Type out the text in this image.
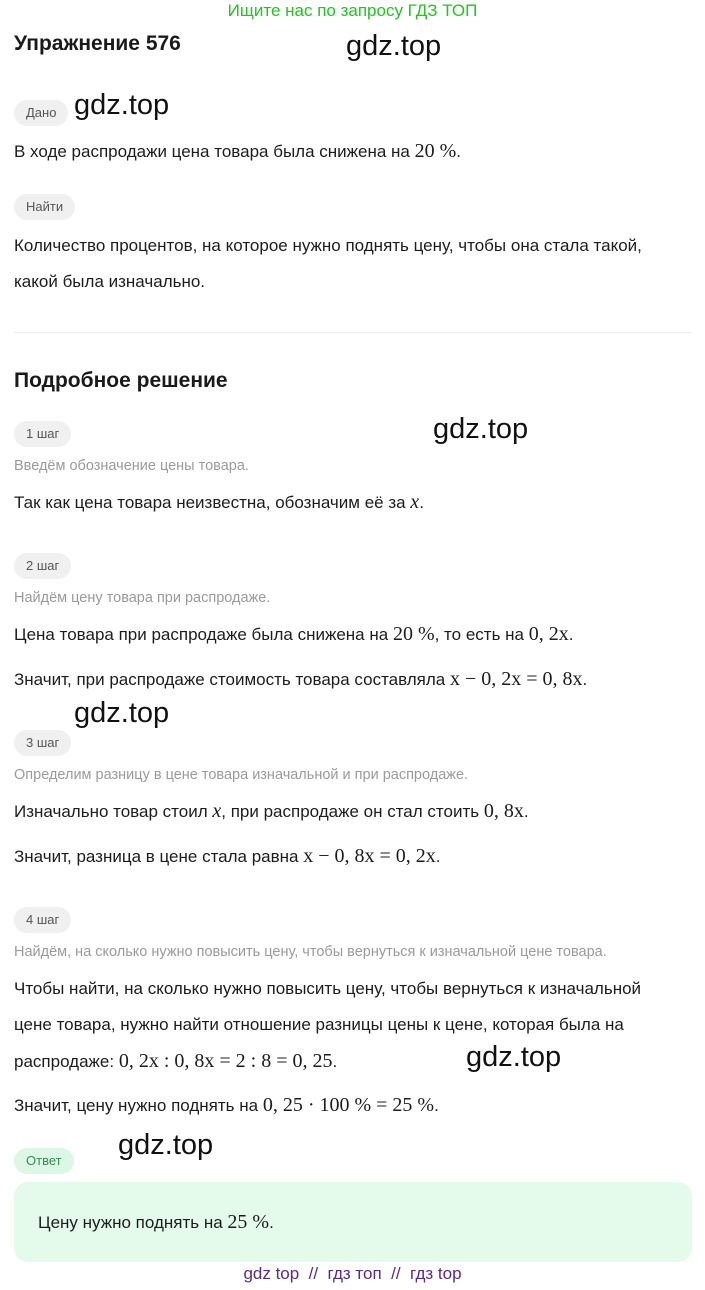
Ищите нас по запросу ГДЗ ТОП
Упражнение 576	gdz.top
gdz.top
gdz.top
gdz.top
gdz.top
gdz.top
Дано
В ходе распродажи цена товара была снижена на 20 %.
Найти
Количество процентов, на которое нужно поднять цену, чтобы она стала такой,
какой была изначально.
Подробное решение
1 шаг
Введём обозначение цены товара.
Так как цена товара неизвестна, обозначим её за x.
2 шаг
Найдём цену товара при распродаже.
Цена товара при распродаже была снижена на 20 %, то есть на 0, 2x.
Значит, при распродаже стоимость товара составляла x − 0, 2x = 0, 8x.
3 шаг
Определим разницу в цене товара изначальной и при распродаже.
Изначально товар стоил x, при распродаже он стал стоить 0, 8x.
Значит, разница в цене стала равна x − 0, 8x = 0, 2x.
4 шаг
Найдём, на сколько нужно повысить цену, чтобы вернуться к изначальной цене товара.
Чтобы найти, на сколько нужно повысить цену, чтобы вернуться к изначальной
цене товара, нужно найти отношение разницы цены к цене, которая была на
распродаже: 0, 2x : 0, 8x = 2 : 8 = 0, 25.
Значит, цену нужно поднять на 0, 25 · 100 % = 25 %.
Ответ
Цену нужно поднять на 25 %.
gdz top  //  гдз топ  //  гдз top
